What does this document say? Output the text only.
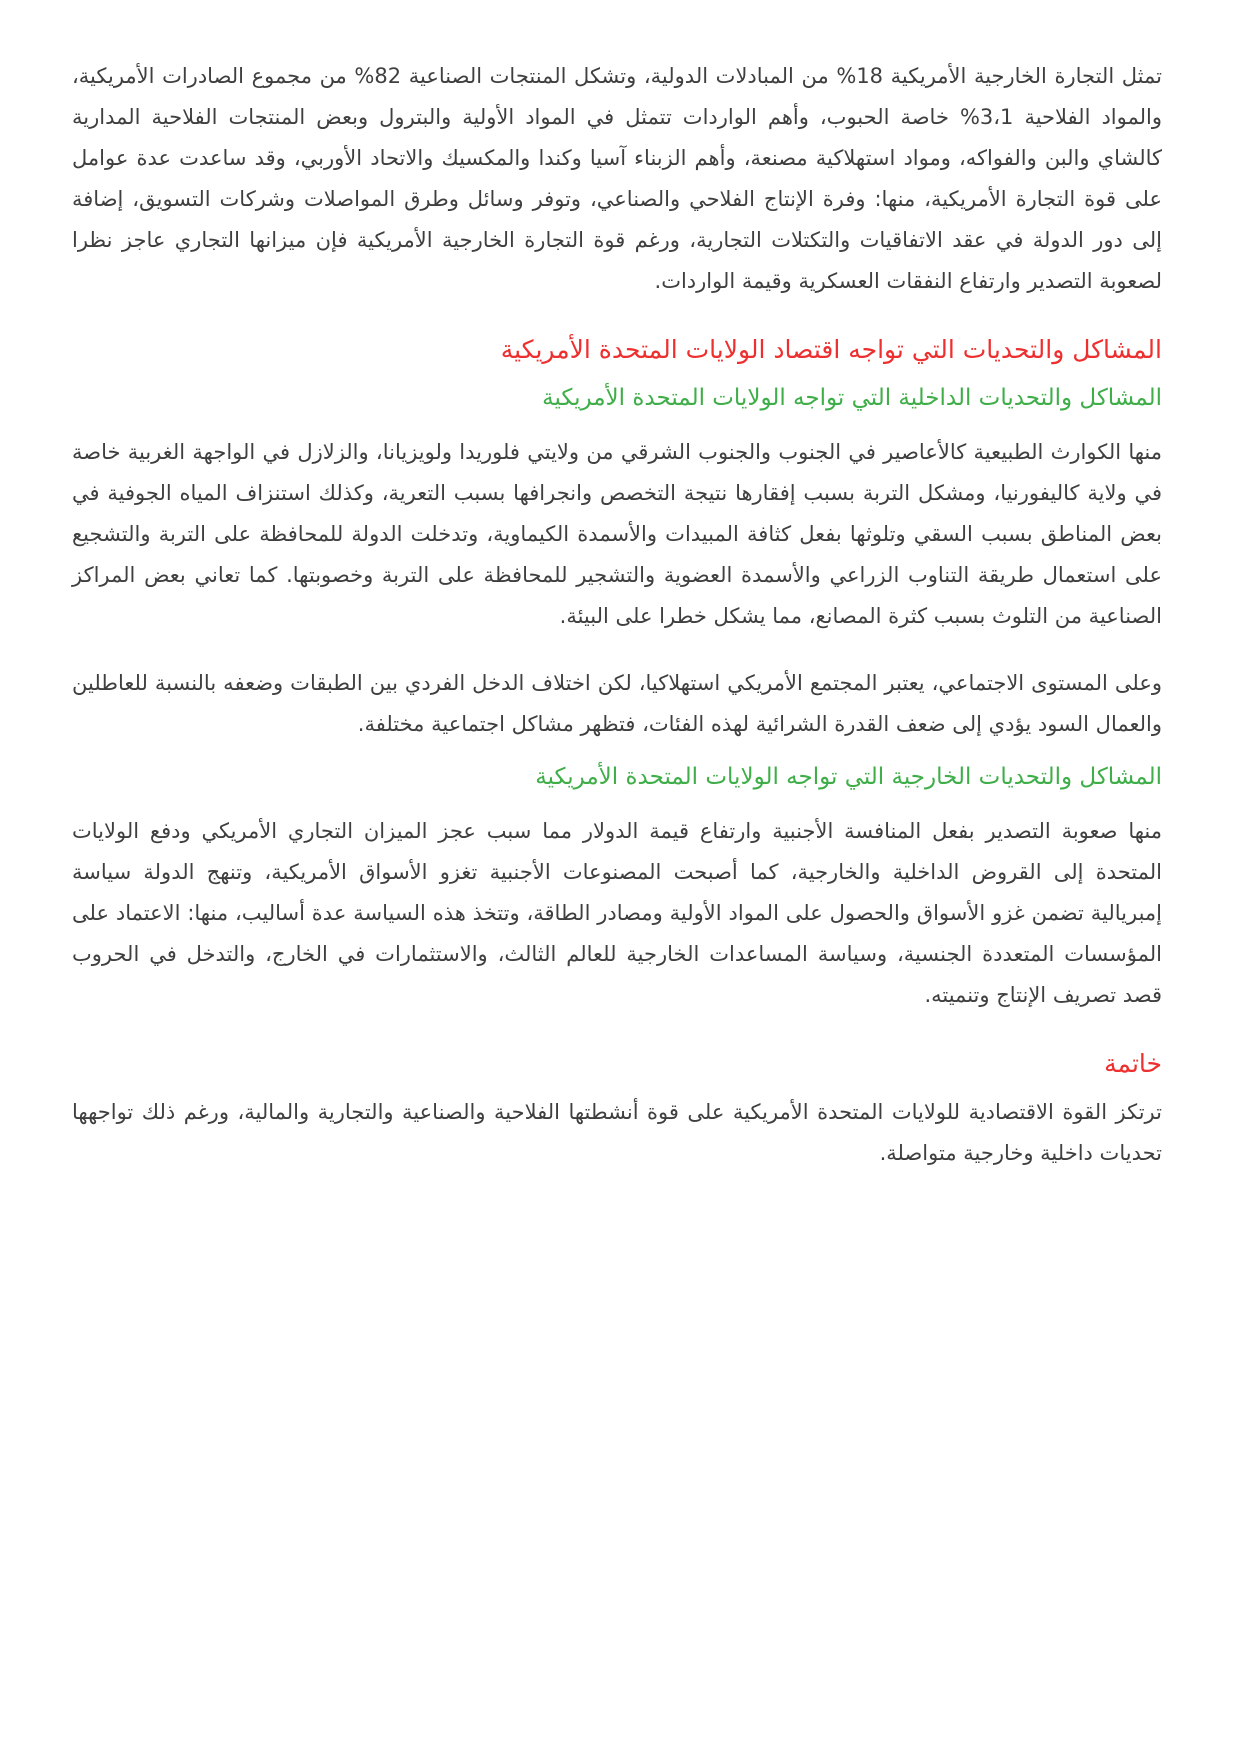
تمثل التجارة الخارجية الأمريكية 18% من المبادلات الدولية، وتشكل المنتجات الصناعية 82% من مجموع الصادرات الأمريكية، والمواد الفلاحية 3،1% خاصة الحبوب، وأهم الواردات تتمثل في المواد الأولية والبترول وبعض المنتجات الفلاحية المدارية كالشاي والبن والفواكه، ومواد استهلاكية مصنعة، وأهم الزبناء آسيا وكندا والمكسيك والاتحاد الأوربي، وقد ساعدت عدة عوامل على قوة التجارة الأمريكية، منها: وفرة الإنتاج الفلاحي والصناعي، وتوفر وسائل وطرق المواصلات وشركات التسويق، إضافة إلى دور الدولة في عقد الاتفاقيات والتكتلات التجارية، ورغم قوة التجارة الخارجية الأمريكية فإن ميزانها التجاري عاجز نظرا لصعوبة التصدير وارتفاع النفقات العسكرية وقيمة الواردات.

المشاكل والتحديات التي تواجه اقتصاد الولايات المتحدة الأمريكية
المشاكل والتحديات الداخلية التي تواجه الولايات المتحدة الأمريكية

منها الكوارث الطبيعية كالأعاصير في الجنوب والجنوب الشرقي من ولايتي فلوريدا ولويزيانا، والزلازل في الواجهة الغربية خاصة في ولاية كاليفورنيا، ومشكل التربة بسبب إفقارها نتيجة التخصص وانجرافها بسبب التعرية، وكذلك استنزاف المياه الجوفية في بعض المناطق بسبب السقي وتلوثها بفعل كثافة المبيدات والأسمدة الكيماوية، وتدخلت الدولة للمحافظة على التربة والتشجيع على استعمال طريقة التناوب الزراعي والأسمدة العضوية والتشجير للمحافظة على التربة وخصوبتها. كما تعاني بعض المراكز الصناعية من التلوث بسبب كثرة المصانع، مما يشكل خطرا على البيئة.

وعلى المستوى الاجتماعي، يعتبر المجتمع الأمريكي استهلاكيا، لكن اختلاف الدخل الفردي بين الطبقات وضعفه بالنسبة للعاطلين والعمال السود يؤدي إلى ضعف القدرة الشرائية لهذه الفئات، فتظهر مشاكل اجتماعية مختلفة.

المشاكل والتحديات الخارجية التي تواجه الولايات المتحدة الأمريكية

منها صعوبة التصدير بفعل المنافسة الأجنبية وارتفاع قيمة الدولار مما سبب عجز الميزان التجاري الأمريكي ودفع الولايات المتحدة إلى القروض الداخلية والخارجية، كما أصبحت المصنوعات الأجنبية تغزو الأسواق الأمريكية، وتنهج الدولة سياسة إمبريالية تضمن غزو الأسواق والحصول على المواد الأولية ومصادر الطاقة، وتتخذ هذه السياسة عدة أساليب، منها: الاعتماد على المؤسسات المتعددة الجنسية، وسياسة المساعدات الخارجية للعالم الثالث، والاستثمارات في الخارج، والتدخل في الحروب قصد تصريف الإنتاج وتنميته.

خاتمة

ترتكز القوة الاقتصادية للولايات المتحدة الأمريكية على قوة أنشطتها الفلاحية والصناعية والتجارية والمالية، ورغم ذلك تواجهها تحديات داخلية وخارجية متواصلة.
